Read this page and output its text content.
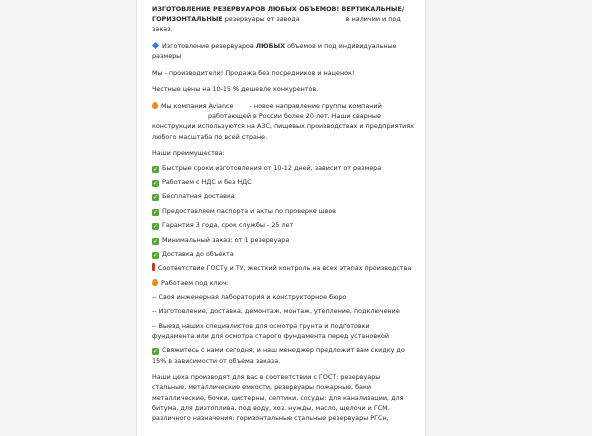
ИЗГОТОВЛЕНИЕ РЕЗЕРВУАРОВ ЛЮБЫХ ОБЪЕМОВ! ВЕРТИКАЛЬНЫЕ/ ГОРИЗОНТАЛЬНЫЕ резервуары от завода	в наличии и под заказ.

Изготовление резервуаров ЛЮБЫХ объемов и под индивидуальные размеры

Мы - производители! Продажа без посредников и наценок!

Честные цены на 10-15 % дешевле конкурентов.

Мы компания Aviance	- новое направление группы компаний
работающей в России более 20 лет. Наши сварные конструкции используются на АЗС, пищевых производствах и предприятиях любого масштаба по всей стране.

Наши преимущества:

✓ Быстрые сроки изготовления от 10-12 дней, зависит от размера

✓ Работаем с НДС и без НДС

✓ Бесплатная доставка

✓ Предоставляем паспорта и акты по проверке швов

✓ Гарантия 3 года, срок службы - 25 лет

✓ Минимальный заказ: от 1 резервуара

✓ Доставка до объекта

Соответствие ГОСТу и ТУ, жесткий контроль на всех этапах производства

Работаем под ключ:

-- Своя инженерная лаборатория и конструкторное бюро

-- Изготовление, доставка, демонтаж, монтаж, утепление, подключение

-- Выезд наших специалистов для осмотра грунта и подготовки фундамента или для осмотра старого фундамента перед установкой

✓ Свяжитесь с нами сегодня, и наш менеджер предложит вам скидку до 15% в зависимости от объема заказа.

Наши цеха производят для вас в соответствии с ГОСТ: резервуары стальные, металлические емкости, резервуары пожарные, баки металлические, бочки, цистерны, септики, сосуды: для канализации, для битума, для дизтоплива, под воду, хоз. нужды, масло, щелочи и ГСМ, различного назначения: горизонтальные стальные резервуары РГСн,
